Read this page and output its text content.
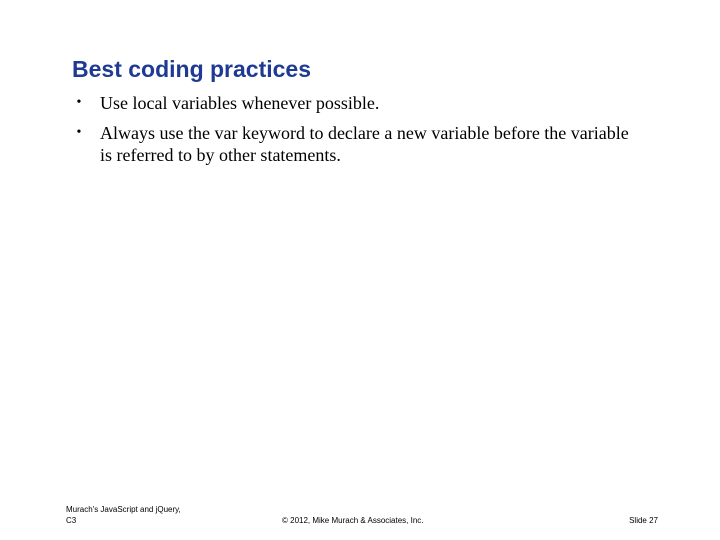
Best coding practices
• Use local variables whenever possible.
• Always use the var keyword to declare a new variable before the variable is referred to by other statements.
Murach's JavaScript and jQuery,
C3	© 2012, Mike Murach & Associates, Inc.	Slide 27
